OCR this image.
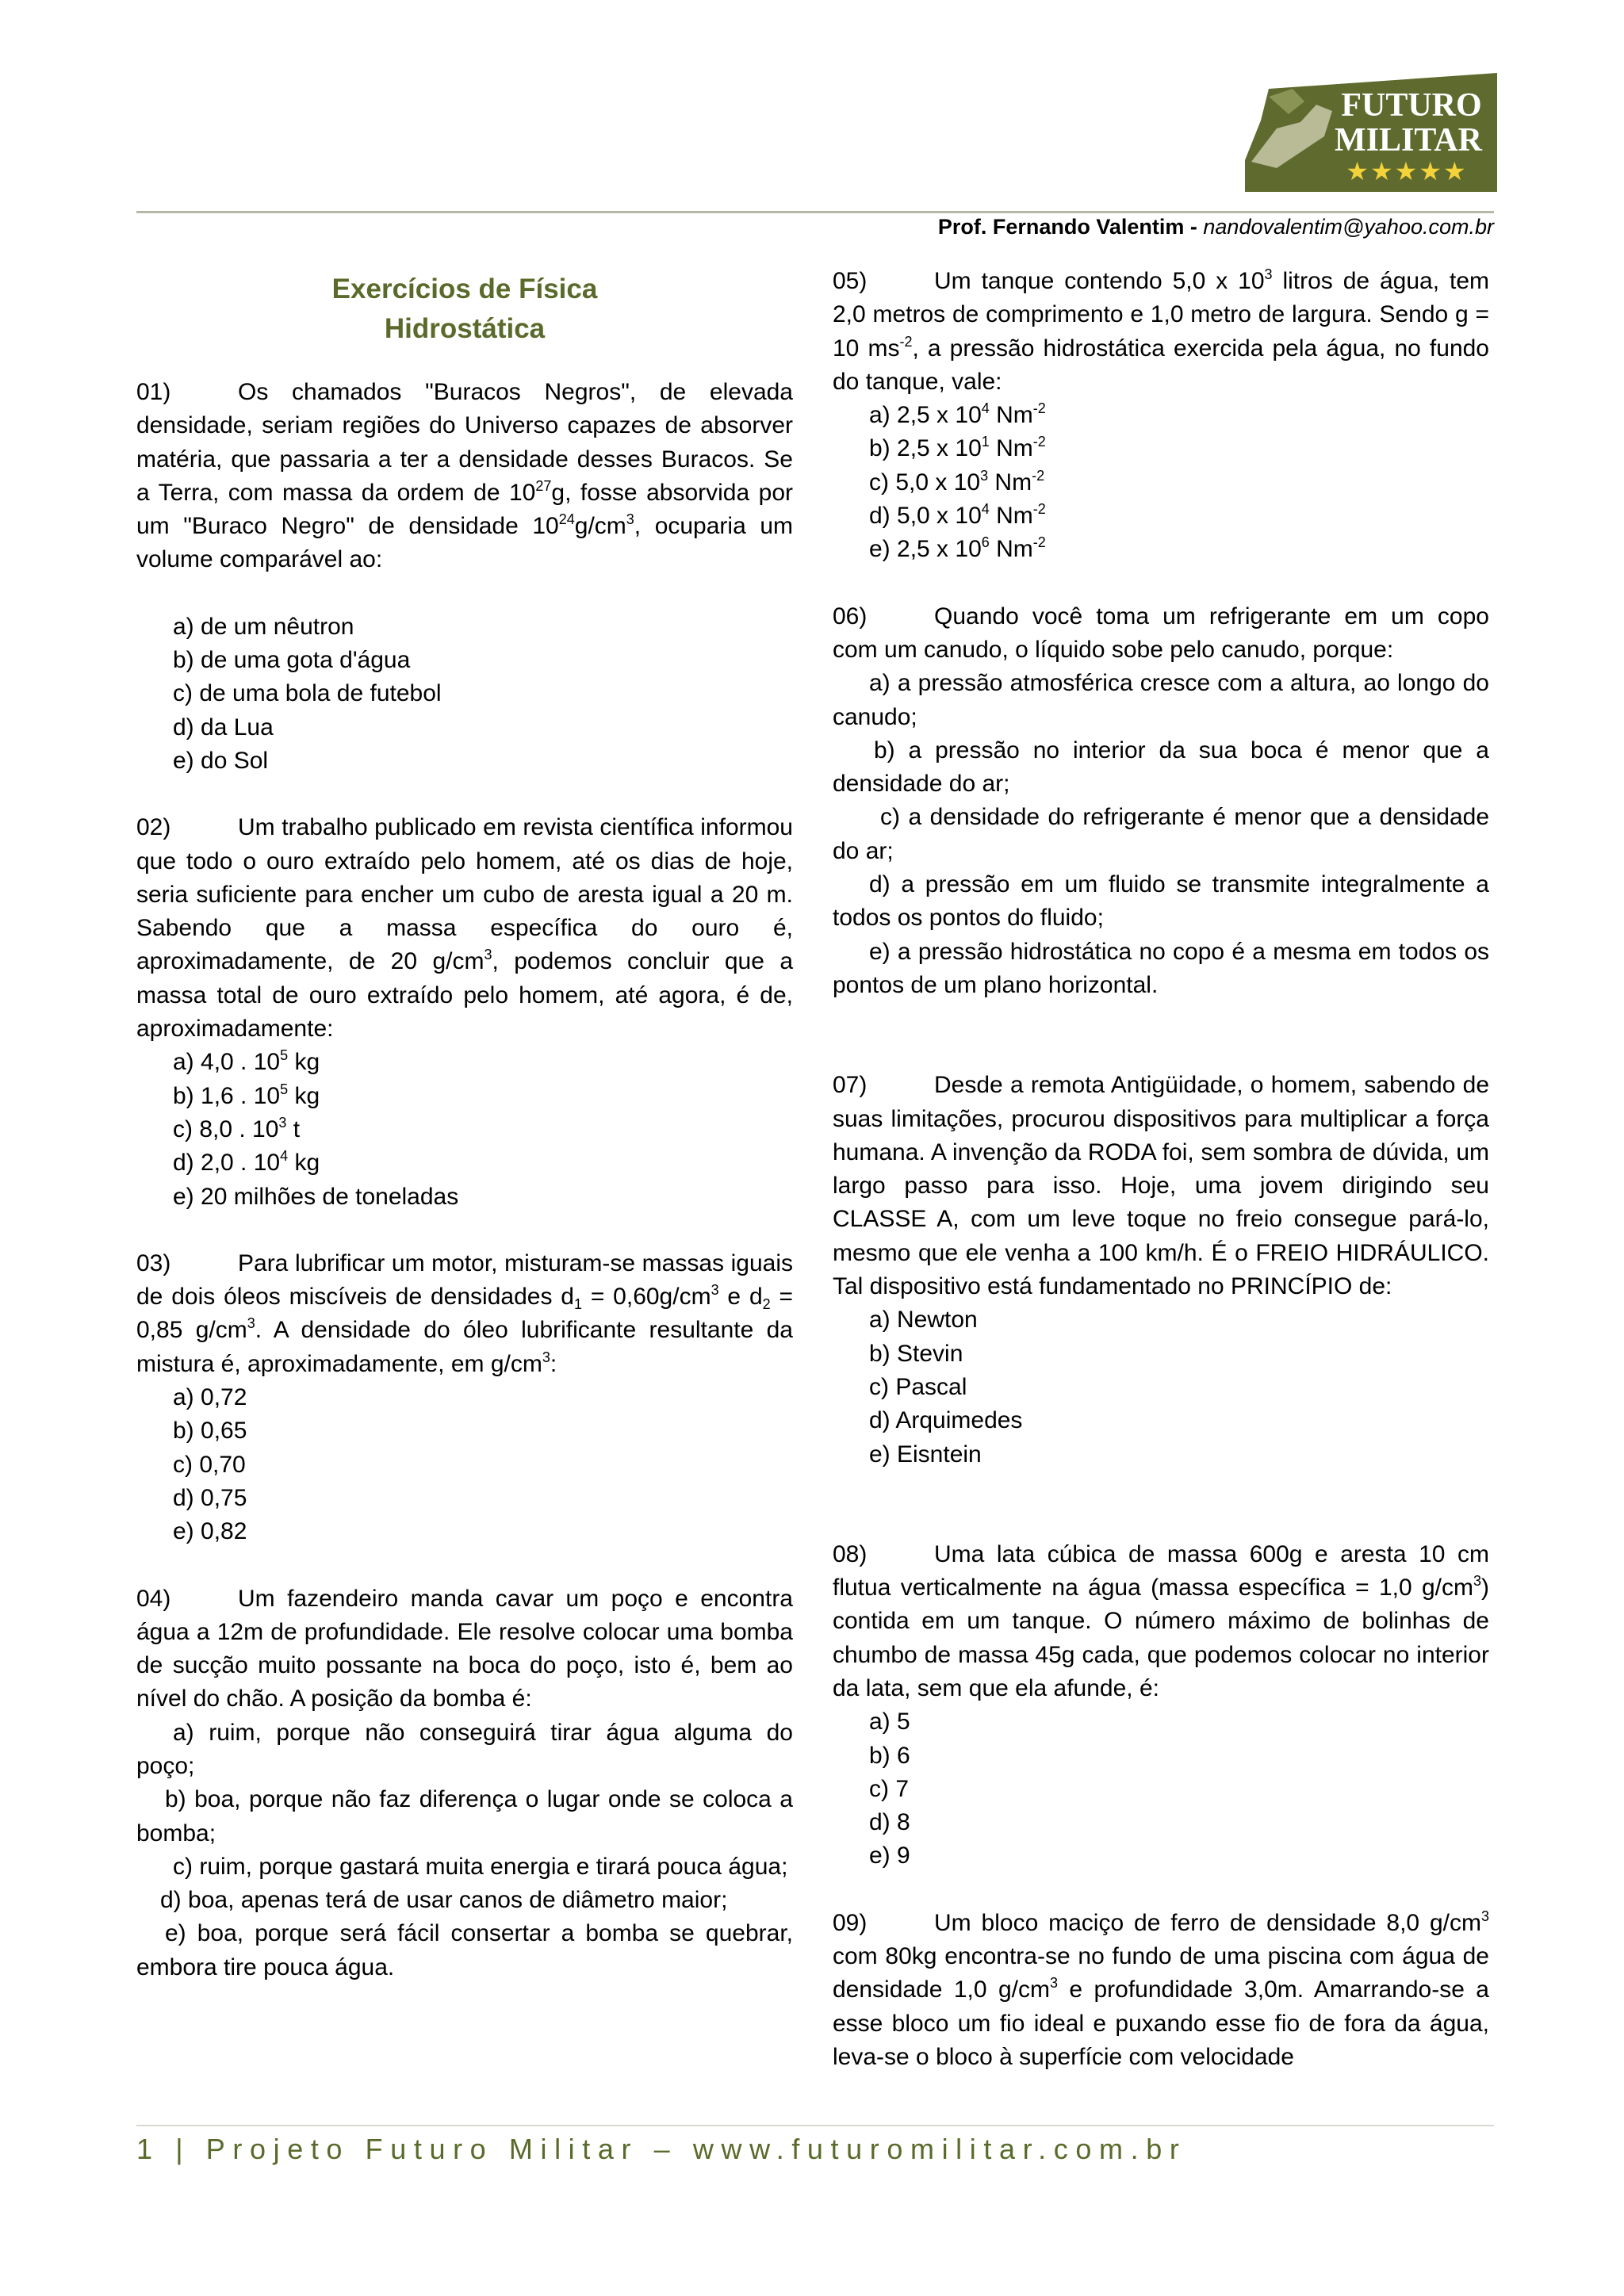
FUTURO
MILITAR
★★★★★
Prof. Fernando Valentim - nandovalentim@yahoo.com.br
Exercícios de Física
Hidrostática

01)	Os chamados "Buracos Negros", de elevada densidade, seriam regiões do Universo capazes de absorver matéria, que passaria a ter a densidade desses Buracos. Se a Terra, com massa da ordem de $10^{27}g$, fosse absorvida por um "Buraco Negro" de densidade $10^{24}g/cm^3$, ocuparia um volume comparável ao:

a) de um nêutron

b) de uma gota d'água

c) de uma bola de futebol

d) da Lua

e) do Sol

02)	Um trabalho publicado em revista científica informou que todo o ouro extraído pelo homem, até os dias de hoje, seria suficiente para encher um cubo de aresta igual a 20 m. Sabendo que a massa específica do ouro é, aproximadamente, de 20 $g/cm^3$, podemos concluir que a massa total de ouro extraído pelo homem, até agora, é de, aproximadamente:

a) 4,0 . $10^5$ kg

b) 1,6 . $10^5$ kg

c) 8,0 . $10^3$ t

d) 2,0 . $10^4$ kg

e) 20 milhões de toneladas

03)	Para lubrificar um motor, misturam-se massas iguais de dois óleos miscíveis de densidades $d_1 = 0,60g/cm^3$ e $d_2 = 0,85$ $g/cm^3$. A densidade do óleo lubrificante resultante da mistura é, aproximadamente, em $g/cm^3$:

a) 0,72

b) 0,65

c) 0,70

d) 0,75

e) 0,82

04)	Um fazendeiro manda cavar um poço e encontra água a 12m de profundidade. Ele resolve colocar uma bomba de sucção muito possante na boca do poço, isto é, bem ao nível do chão. A posição da bomba é:

a) ruim, porque não conseguirá tirar água alguma do poço;

b) boa, porque não faz diferença o lugar onde se coloca a bomba;

c) ruim, porque gastará muita energia e tirará pouca água;

d) boa, apenas terá de usar canos de diâmetro maior;

e) boa, porque será fácil consertar a bomba se quebrar, embora tire pouca água.

05)	Um tanque contendo 5,0 x $10^3$ litros de água, tem 2,0 metros de comprimento e 1,0 metro de largura. Sendo g = 10 $ms^{-2}$, a pressão hidrostática exercida pela água, no fundo do tanque, vale:

a) 2,5 x $10^4$ $Nm^{-2}$

b) 2,5 x $10^1$ $Nm^{-2}$

c) 5,0 x $10^3$ $Nm^{-2}$

d) 5,0 x $10^4$ $Nm^{-2}$

e) 2,5 x $10^6$ $Nm^{-2}$

06)	Quando você toma um refrigerante em um copo com um canudo, o líquido sobe pelo canudo, porque:

a) a pressão atmosférica cresce com a altura, ao longo do canudo;

b) a pressão no interior da sua boca é menor que a densidade do ar;

c) a densidade do refrigerante é menor que a densidade do ar;

d) a pressão em um fluido se transmite integralmente a todos os pontos do fluido;

e) a pressão hidrostática no copo é a mesma em todos os pontos de um plano horizontal.

07)	Desde a remota Antigüidade, o homem, sabendo de suas limitações, procurou dispositivos para multiplicar a força humana. A invenção da RODA foi, sem sombra de dúvida, um largo passo para isso. Hoje, uma jovem dirigindo seu CLASSE A, com um leve toque no freio consegue pará-lo, mesmo que ele venha a 100 km/h. É o FREIO HIDRÁULICO. Tal dispositivo está fundamentado no PRINCÍPIO de:

a) Newton

b) Stevin

c) Pascal

d) Arquimedes

e) Eisntein

08)	Uma lata cúbica de massa 600g e aresta 10 cm flutua verticalmente na água (massa específica = 1,0 $g/cm^3$) contida em um tanque. O número máximo de bolinhas de chumbo de massa 45g cada, que podemos colocar no interior da lata, sem que ela afunde, é:

a) 5

b) 6

c) 7

d) 8

e) 9

09)	Um bloco maciço de ferro de densidade 8,0 $g/cm^3$ com 80kg encontra-se no fundo de uma piscina com água de densidade 1,0 $g/cm^3$ e profundidade 3,0m. Amarrando-se a esse bloco um fio ideal e puxando esse fio de fora da água, leva-se o bloco à superfície com velocidade

1 | Projeto Futuro Militar – www.futuromilitar.com.br
